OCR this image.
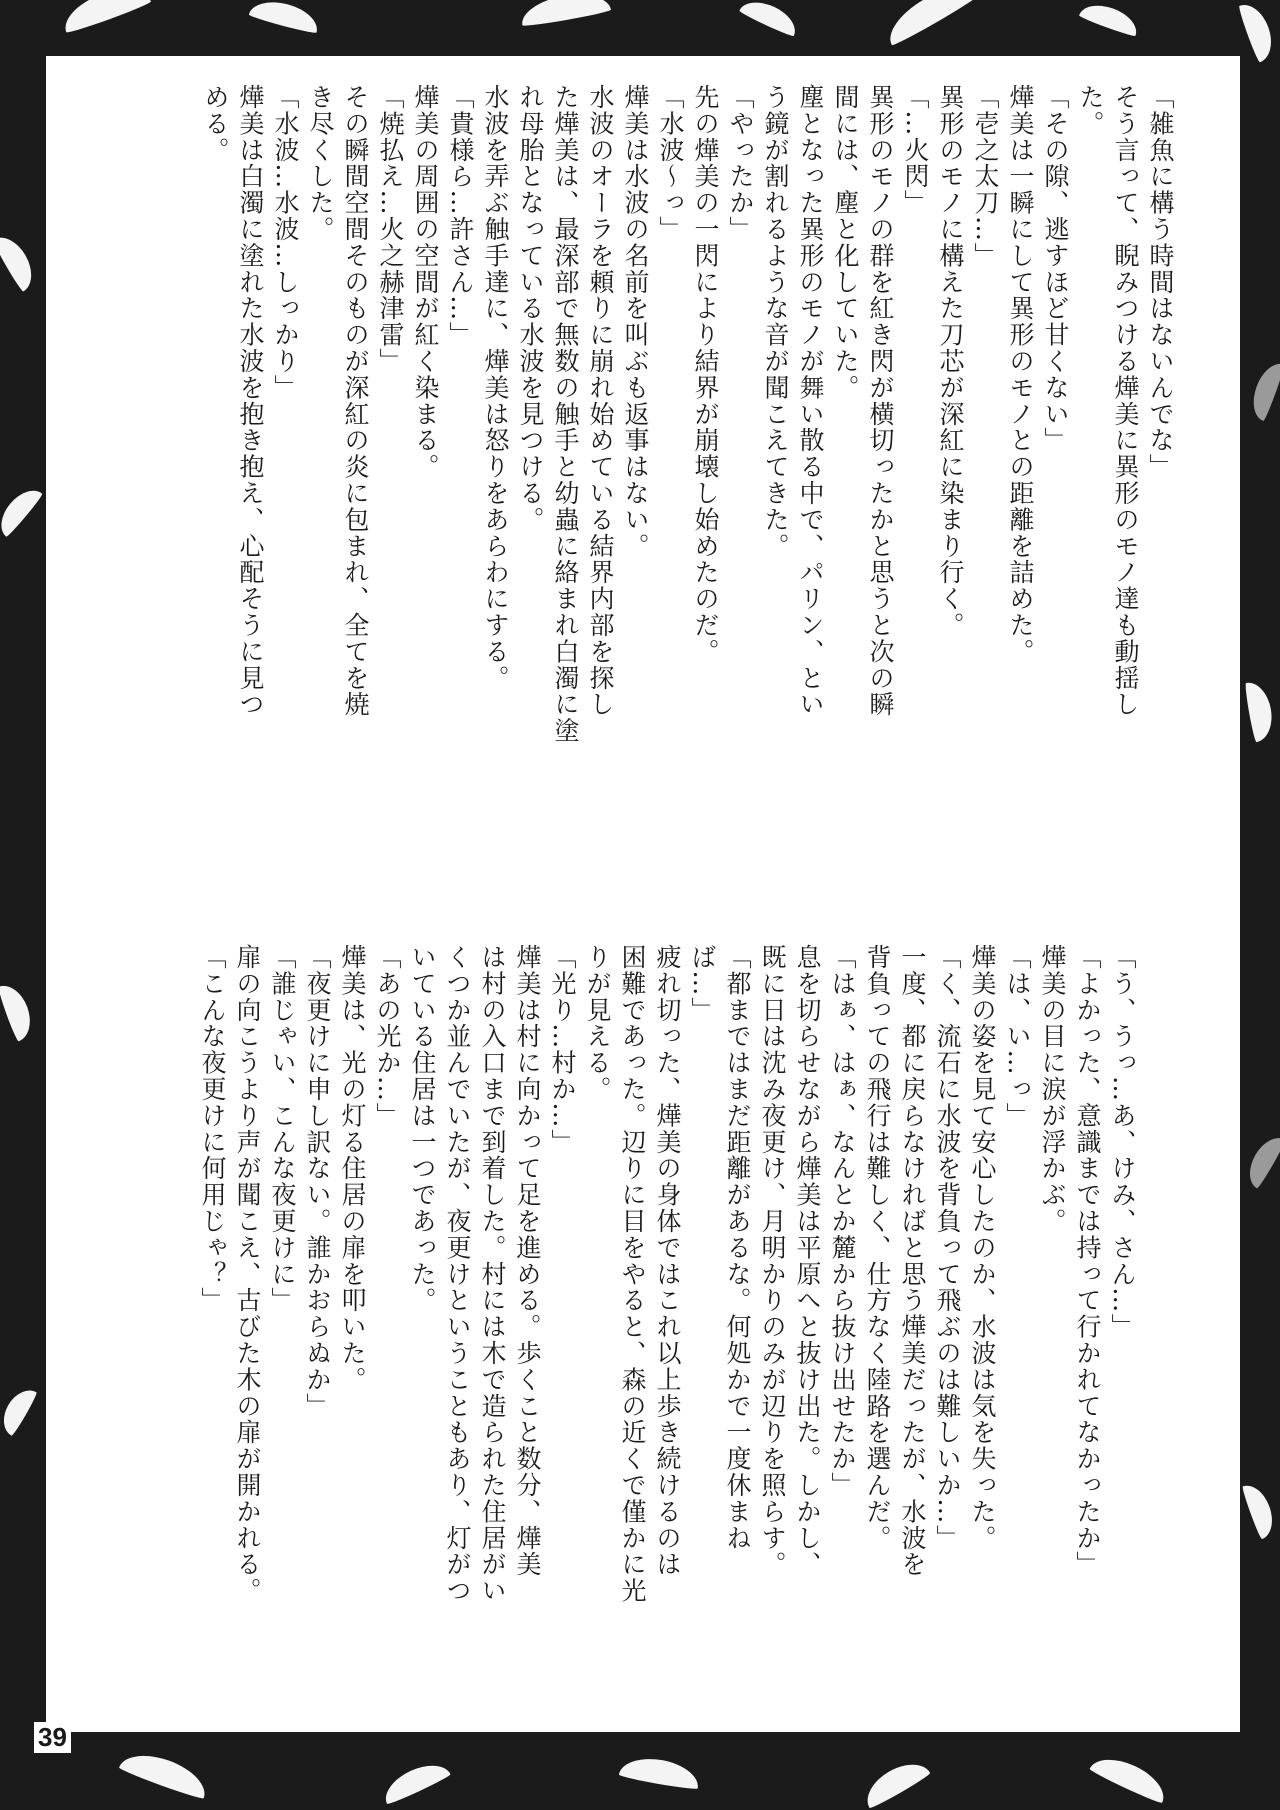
「雑魚に構う時間はないんでな」

そう言って、睨みつける燁美に異形のモノ達も動揺し

た。

「その隙、逃すほど甘くない」

燁美は一瞬にして異形のモノとの距離を詰めた。

「壱之太刀…」

異形のモノに構えた刀芯が深紅に染まり行く。

「…火閃」

異形のモノの群を紅き閃が横切ったかと思うと次の瞬

間には、塵と化していた。

塵となった異形のモノが舞い散る中で、パリン、とい

う鏡が割れるような音が聞こえてきた。

「やったか」

先の燁美の一閃により結界が崩壊し始めたのだ。

「水波〜っ」

燁美は水波の名前を叫ぶも返事はない。

水波のオーラを頼りに崩れ始めている結界内部を探し

た燁美は、最深部で無数の触手と幼蟲に絡まれ白濁に塗

れ母胎となっている水波を見つける。

水波を弄ぶ触手達に、燁美は怒りをあらわにする。

「貴様ら…許さん…」

燁美の周囲の空間が紅く染まる。

「焼払え…火之赫津雷」

その瞬間空間そのものが深紅の炎に包まれ、全てを焼

き尽くした。

「水波…水波…しっかり」

燁美は白濁に塗れた水波を抱き抱え、心配そうに見つ

める。

「う、うっ…あ、けみ、さん…」

「よかった、意識までは持って行かれてなかったか」

燁美の目に涙が浮かぶ。

「は、い…っ」

燁美の姿を見て安心したのか、水波は気を失った。

「く、流石に水波を背負って飛ぶのは難しいか…」

一度、都に戻らなければと思う燁美だったが、水波を

背負っての飛行は難しく、仕方なく陸路を選んだ。

「はぁ、はぁ、なんとか麓から抜け出せたか」

息を切らせながら燁美は平原へと抜け出た。しかし、

既に日は沈み夜更け、月明かりのみが辺りを照らす。

「都まではまだ距離があるな。何処かで一度休まね

ば…」

疲れ切った、燁美の身体ではこれ以上歩き続けるのは

困難であった。辺りに目をやると、森の近くで僅かに光

りが見える。

「光り…村か…」

燁美は村に向かって足を進める。歩くこと数分、燁美

は村の入口まで到着した。村には木で造られた住居がい

くつか並んでいたが、夜更けということもあり、灯がつ

いている住居は一つであった。

「あの光か…」

燁美は、光の灯る住居の扉を叩いた。

「夜更けに申し訳ない。誰かおらぬか」

「誰じゃい、こんな夜更けに」

扉の向こうより声が聞こえ、古びた木の扉が開かれる。

「こんな夜更けに何用じゃ？」

39
